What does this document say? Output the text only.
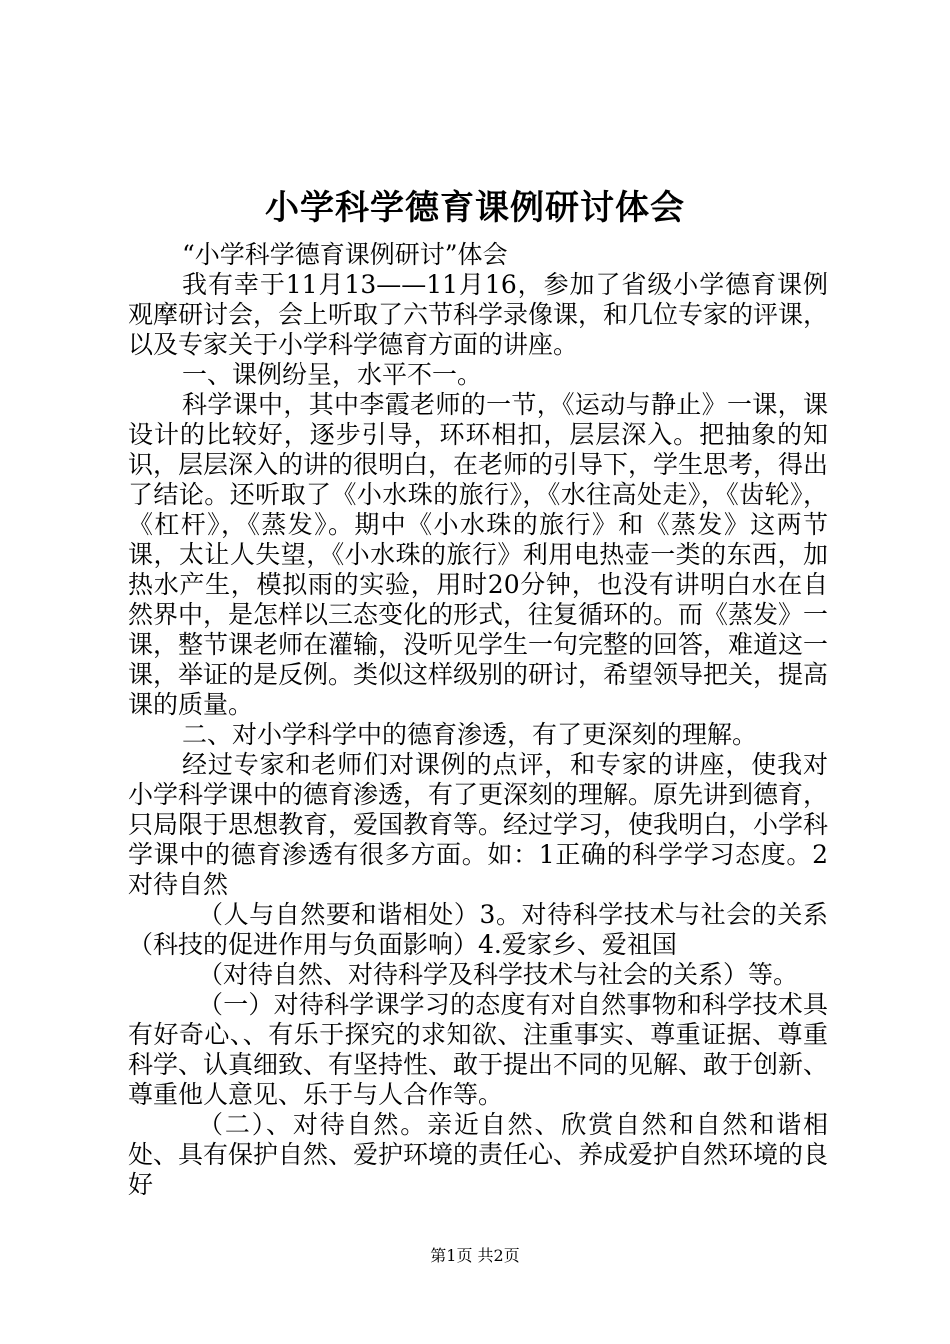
小学科学德育课例研讨体会

“小学科学德育课例研讨”体会

我有幸于11月13——11月16，参加了省级小学德育课例观摩研讨会，会上听取了六节科学录像课，和几位专家的评课，以及专家关于小学科学德育方面的讲座。

一、课例纷呈，水平不一。

科学课中，其中李霞老师的一节，《运动与静止》一课，课设计的比较好，逐步引导，环环相扣，层层深入。把抽象的知识，层层深入的讲的很明白，在老师的引导下，学生思考，得出了结论。还听取了《小水珠的旅行》，《水往高处走》，《齿轮》，《杠杆》，《蒸发》。期中《小水珠的旅行》和《蒸发》这两节课，太让人失望，《小水珠的旅行》利用电热壶一类的东西，加热水产生，模拟雨的实验，用时20分钟，也没有讲明白水在自然界中，是怎样以三态变化的形式，往复循环的。而《蒸发》一课，整节课老师在灌输，没听见学生一句完整的回答，难道这一课，举证的是反例。类似这样级别的研讨，希望领导把关，提高课的质量。

二、对小学科学中的德育渗透，有了更深刻的理解。

经过专家和老师们对课例的点评，和专家的讲座，使我对小学科学课中的德育渗透，有了更深刻的理解。原先讲到德育，只局限于思想教育，爱国教育等。经过学习，使我明白，小学科学课中的德育渗透有很多方面。如：1正确的科学学习态度。2对待自然

（人与自然要和谐相处）3。对待科学技术与社会的关系（科技的促进作用与负面影响）4.爱家乡、爱祖国

（对待自然、对待科学及科学技术与社会的关系）等。

（一）对待科学课学习的态度有对自然事物和科学技术具有好奇心、、有乐于探究的求知欲、注重事实、尊重证据、尊重科学、认真细致、有坚持性、敢于提出不同的见解、敢于创新、尊重他人意见、乐于与人合作等。

（二）、对待自然。亲近自然、欣赏自然和自然和谐相处、具有保护自然、爱护环境的责任心、养成爱护自然环境的良好

第1页 共2页
